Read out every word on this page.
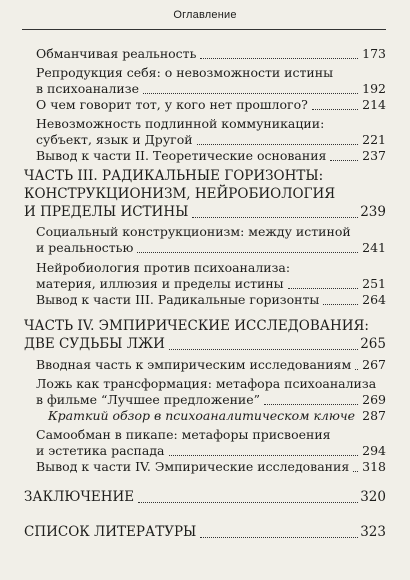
Оглавление
Обманчивая реальность	173
Репродукция себя: о невозможности истины
в психоанализе	192
О чем говорит тот, у кого нет прошлого?	214
Невозможность подлинной коммуникации:
субъект, язык и Другой	221
Вывод к части II. Теоретические основания	237
ЧАСТЬ III. РАДИКАЛЬНЫЕ ГОРИЗОНТЫ:
КОНСТРУКЦИОНИЗМ, НЕЙРОБИОЛОГИЯ
И ПРЕДЕЛЫ ИСТИНЫ	239
Социальный конструкционизм: между истиной
и реальностью	241
Нейробиология против психоанализа:
материя, иллюзия и пределы истины	251
Вывод к части III. Радикальные горизонты	264
ЧАСТЬ IV. ЭМПИРИЧЕСКИЕ ИССЛЕДОВАНИЯ:
ДВЕ СУДЬБЫ ЛЖИ	265
Вводная часть к эмпирическим исследованиям 267
Ложь как трансформация: метафора психоанализа
в фильме “Лучшее предложение”	269
Краткий обзор в психоаналитическом ключе 287
Самообман в пикапе: метафоры присвоения
и эстетика распада	294
Вывод к части IV. Эмпирические исследования 318
ЗАКЛЮЧЕНИЕ	320
СПИСОК ЛИТЕРАТУРЫ	323
